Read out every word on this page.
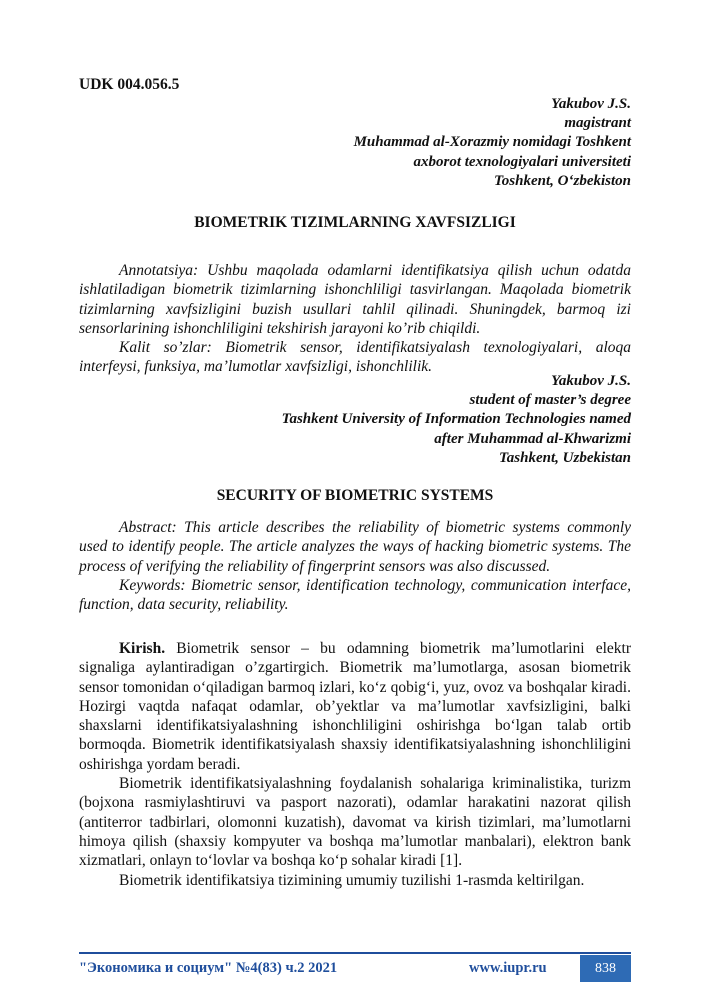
UDK 004.056.5
Yakubov J.S.
magistrant
Muhammad al-Xorazmiy nomidagi Toshkent
axborot texnologiyalari universiteti
Toshkent, O‘zbekiston
BIOMETRIK TIZIMLARNING XAVFSIZLIGI

Annotatsiya: Ushbu maqolada odamlarni identifikatsiya qilish uchun odatda ishlatiladigan biometrik tizimlarning ishonchliligi tasvirlangan. Maqolada biometrik tizimlarning xavfsizligini buzish usullari tahlil qilinadi. Shuningdek, barmoq izi sensorlarining ishonchliligini tekshirish jarayoni ko’rib chiqildi.

Kalit so’zlar: Biometrik sensor, identifikatsiyalash texnologiyalari, aloqa interfeysi, funksiya, ma’lumotlar xavfsizligi, ishonchlilik.

Yakubov J.S.
student of master’s degree
Tashkent University of Information Technologies named
after Muhammad al-Khwarizmi
Tashkent, Uzbekistan
SECURITY OF BIOMETRIC SYSTEMS

Abstract: This article describes the reliability of biometric systems commonly used to identify people. The article analyzes the ways of hacking biometric systems. The process of verifying the reliability of fingerprint sensors was also discussed.

Keywords: Biometric sensor, identification technology, communication interface, function, data security, reliability.

Kirish. Biometrik sensor – bu odamning biometrik ma’lumotlarini elektr signaliga aylantiradigan o’zgartirgich. Biometrik ma’lumotlarga, asosan biometrik sensor tomonidan o‘qiladigan barmoq izlari, ko‘z qobig‘i, yuz, ovoz va boshqalar kiradi. Hozirgi vaqtda nafaqat odamlar, ob’yektlar va ma’lumotlar xavfsizligini, balki shaxslarni identifikatsiyalashning ishonchliligini oshirishga bo‘lgan talab ortib bormoqda. Biometrik identifikatsiyalash shaxsiy identifikatsiyalashning ishonchliligini oshirishga yordam beradi.

Biometrik identifikatsiyalashning foydalanish sohalariga kriminalistika, turizm (bojxona rasmiylashtiruvi va pasport nazorati), odamlar harakatini nazorat qilish (antiterror tadbirlari, olomonni kuzatish), davomat va kirish tizimlari, ma’lumotlarni himoya qilish (shaxsiy kompyuter va boshqa ma’lumotlar manbalari), elektron bank xizmatlari, onlayn to‘lovlar va boshqa ko‘p sohalar kiradi [1].

Biometrik identifikatsiya tizimining umumiy tuzilishi 1-rasmda keltirilgan.

"Экономика и социум" №4(83) ч.2 2021	www.iupr.ru	838
